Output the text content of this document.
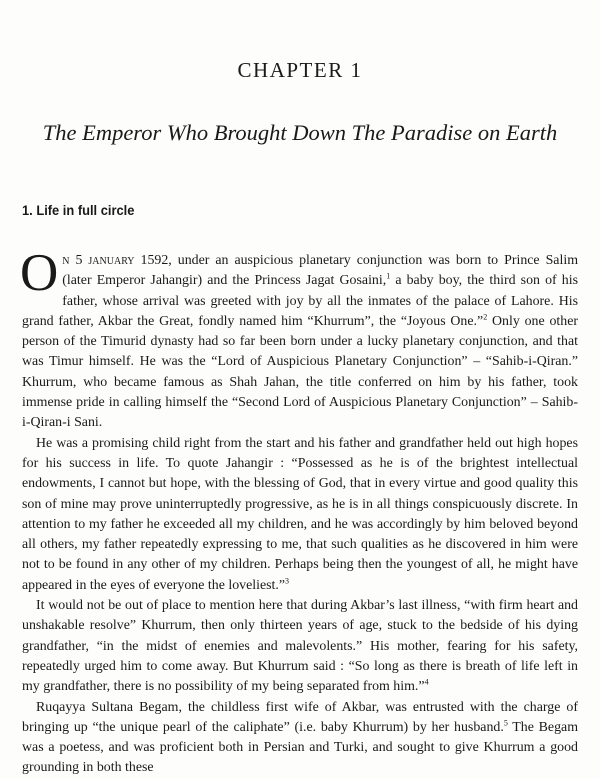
CHAPTER 1
The Emperor Who Brought Down The Paradise on Earth
1. Life in full circle

On 5 january 1592, under an auspicious planetary conjunction was born to Prince Salim (later Emperor Jahangir) and the Princess Jagat Gosaini,$^1$ a baby boy, the third son of his father, whose arrival was greeted with joy by all the inmates of the palace of Lahore. His grand father, Akbar the Great, fondly named him “Khurrum”, the “Joyous One.”$^2$ Only one other person of the Timurid dynasty had so far been born under a lucky planetary conjunction, and that was Timur himself. He was the “Lord of Auspicious Planetary Conjunction” – “Sahib-i-Qiran.” Khurrum, who became famous as Shah Jahan, the title conferred on him by his father, took immense pride in calling himself the “Second Lord of Auspicious Planetary Conjunction” – Sahib-i-Qiran-i Sani.

He was a promising child right from the start and his father and grandfather held out high hopes for his success in life. To quote Jahangir : “Possessed as he is of the brightest intellectual endowments, I cannot but hope, with the blessing of God, that in every virtue and good quality this son of mine may prove uninterruptedly progressive, as he is in all things conspicuously discrete. In attention to my father he exceeded all my children, and he was accordingly by him beloved beyond all others, my father repeatedly expressing to me, that such qualities as he discovered in him were not to be found in any other of my children. Perhaps being then the youngest of all, he might have appeared in the eyes of everyone the loveliest.”$^3$

It would not be out of place to mention here that during Akbar’s last illness, “with firm heart and unshakable resolve” Khurrum, then only thirteen years of age, stuck to the bedside of his dying grandfather, “in the midst of enemies and malevolents.” His mother, fearing for his safety, repeatedly urged him to come away. But Khurrum said : “So long as there is breath of life left in my grandfather, there is no possibility of my being separated from him.”$^4$

Ruqayya Sultana Begam, the childless first wife of Akbar, was entrusted with the charge of bringing up “the unique pearl of the caliphate” (i.e. baby Khurrum) by her husband.$^5$ The Begam was a poetess, and was proficient both in Persian and Turki, and sought to give Khurrum a good grounding in both these
